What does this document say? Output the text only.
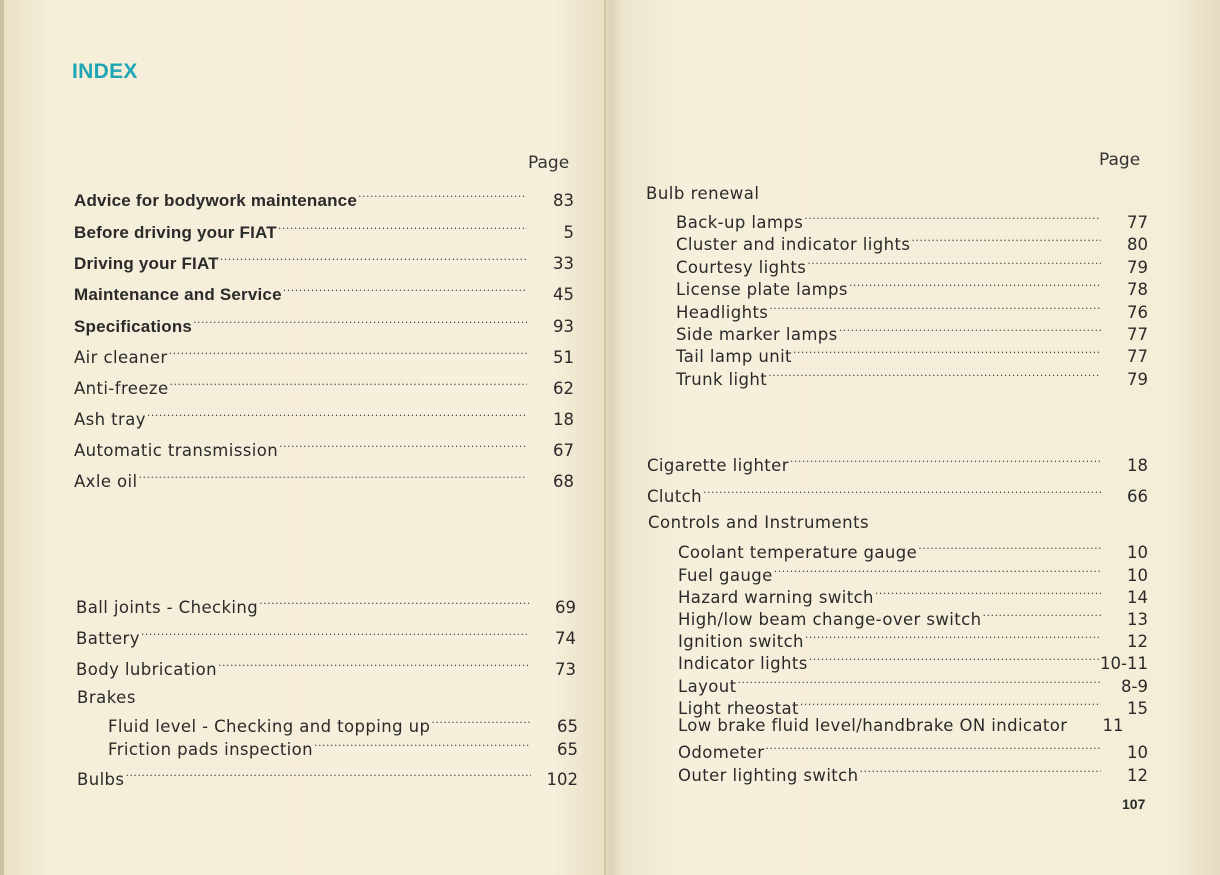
INDEX
Page
Advice for bodywork maintenance .....	83
Before driving your FIAT .....	5
Driving your FIAT .....	33
Maintenance and Service .....	45
Specifications .....	93
Air cleaner .....	51
Anti-freeze .....	62
Ash tray .....	18
Automatic transmission .....	67
Axle oil .....	68
Ball joints - Checking .....	69
Battery .....	74
Body lubrication .....	73
Brakes
Fluid level - Checking and topping up .....	65
Friction pads inspection .....	65
Bulbs .....	102
Page
Bulb renewal
Back-up lamps .....	77
Cluster and indicator lights .....	80
Courtesy lights .....	79
License plate lamps .....	78
Headlights .....	76
Side marker lamps .....	77
Tail lamp unit .....	77
Trunk light .....	79
Cigarette lighter .....	18
Clutch .....	66
Controls and Instruments
Coolant temperature gauge .....	10
Fuel gauge .....	10
Hazard warning switch .....	14
High/low beam change-over switch .....	13
Ignition switch .....	12
Indicator lights .....	10-11
Layout .....	8-9
Light rheostat .....	15
Low brake fluid level/handbrake ON indicator	11
Odometer .....	10
Outer lighting switch .....	12
107
